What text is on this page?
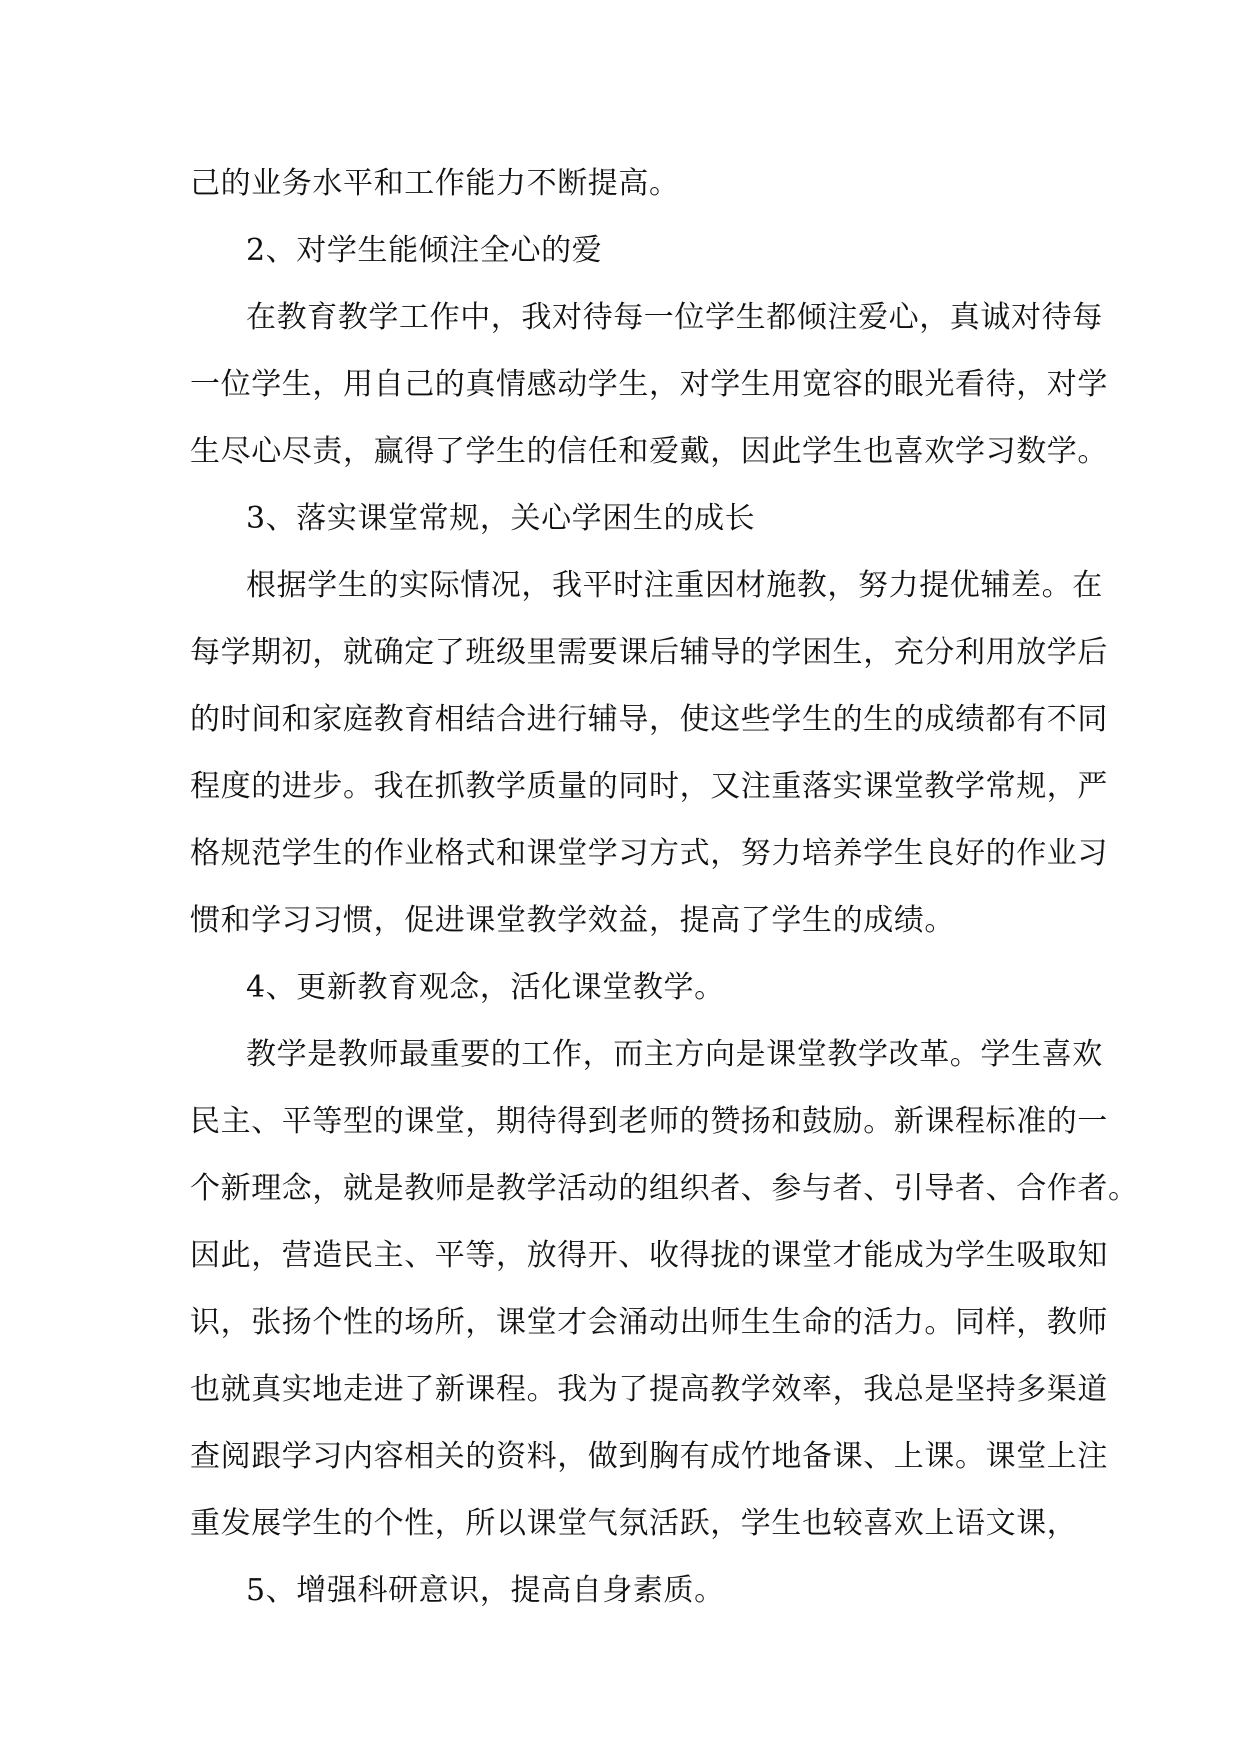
己的业务水平和工作能力不断提高。
2、对学生能倾注全心的爱
在教育教学工作中，我对待每一位学生都倾注爱心，真诚对待每
一位学生，用自己的真情感动学生，对学生用宽容的眼光看待，对学
生尽心尽责，赢得了学生的信任和爱戴，因此学生也喜欢学习数学。
3、落实课堂常规，关心学困生的成长
根据学生的实际情况，我平时注重因材施教，努力提优辅差。在
每学期初，就确定了班级里需要课后辅导的学困生，充分利用放学后
的时间和家庭教育相结合进行辅导，使这些学生的生的成绩都有不同
程度的进步。我在抓教学质量的同时，又注重落实课堂教学常规，严
格规范学生的作业格式和课堂学习方式，努力培养学生良好的作业习
惯和学习习惯，促进课堂教学效益，提高了学生的成绩。
4、更新教育观念，活化课堂教学。
教学是教师最重要的工作，而主方向是课堂教学改革。学生喜欢
民主、平等型的课堂，期待得到老师的赞扬和鼓励。新课程标准的一
个新理念，就是教师是教学活动的组织者、参与者、引导者、合作者。
因此，营造民主、平等，放得开、收得拢的课堂才能成为学生吸取知
识，张扬个性的场所，课堂才会涌动出师生生命的活力。同样，教师
也就真实地走进了新课程。我为了提高教学效率，我总是坚持多渠道
查阅跟学习内容相关的资料，做到胸有成竹地备课、上课。课堂上注
重发展学生的个性，所以课堂气氛活跃，学生也较喜欢上语文课，
5、增强科研意识，提高自身素质。
